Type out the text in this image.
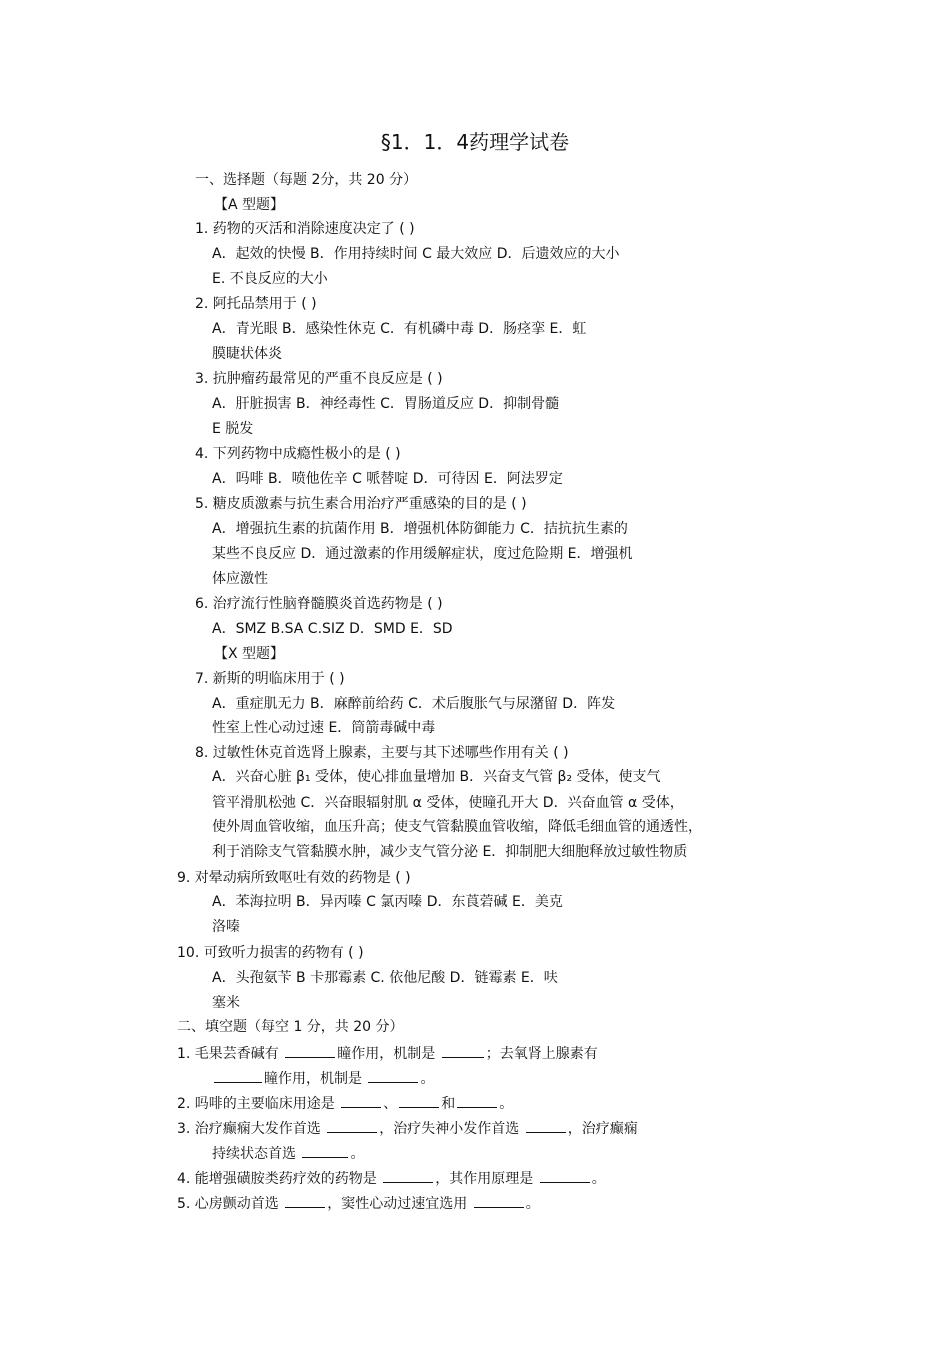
§1．1．4药理学试卷
一、选择题（每题 2分，共 20 分）
【A 型题】
1. 药物的灭活和消除速度决定了 ( )
A．起效的快慢 B．作用持续时间 C 最大效应 D．后遗效应的大小
E. 不良反应的大小
2. 阿托品禁用于 ( )
A．青光眼 B．感染性休克 C．有机磷中毒 D．肠痉挛 E．虹
膜睫状体炎
3. 抗肿瘤药最常见的严重不良反应是 ( )
A．肝脏损害 B．神经毒性 C．胃肠道反应 D．抑制骨髓
E 脱发
4. 下列药物中成瘾性极小的是 ( )
A．吗啡 B．喷他佐辛 C 哌替啶 D．可待因 E．阿法罗定
5. 糖皮质激素与抗生素合用治疗严重感染的目的是 ( )
A．增强抗生素的抗菌作用 B．增强机体防御能力 C．拮抗抗生素的
某些不良反应 D．通过激素的作用缓解症状，度过危险期 E．增强机
体应激性
6. 治疗流行性脑脊髓膜炎首选药物是 ( )
A．SMZ B.SA C.SIZ D．SMD E．SD
【X 型题】
7. 新斯的明临床用于 ( )
A．重症肌无力 B．麻醉前给药 C．术后腹胀气与尿潴留 D．阵发
性室上性心动过速 E．筒箭毒碱中毒
8. 过敏性休克首选肾上腺素，主要与其下述哪些作用有关 ( )
A．兴奋心脏 β₁ 受体，使心排血量增加 B．兴奋支气管 β₂ 受体，使支气
管平滑肌松弛 C．兴奋眼辐射肌 α 受体，使瞳孔开大 D．兴奋血管 α 受体，
使外周血管收缩，血压升高；使支气管黏膜血管收缩，降低毛细血管的通透性，
利于消除支气管黏膜水肿，减少支气管分泌 E．抑制肥大细胞释放过敏性物质
9. 对晕动病所致呕吐有效的药物是 ( )
A．苯海拉明 B．异丙嗪 C 氯丙嗪 D．东莨菪碱 E．美克
洛嗪
10. 可致听力损害的药物有 ( )
A．头孢氨苄 B 卡那霉素 C. 依他尼酸 D．链霉素 E．呋
塞米
二、填空题（每空 1 分，共 20 分）
1. 毛果芸香碱有	瞳作用，机制是	；去氧肾上腺素有
瞳作用，机制是	。
2. 吗啡的主要临床用途是	、	和	。
3. 治疗癫痫大发作首选	，治疗失神小发作首选	，治疗癫痫
持续状态首选	。
4. 能增强磺胺类药疗效的药物是	，其作用原理是	。
5. 心房颤动首选	，窦性心动过速宜选用	。
